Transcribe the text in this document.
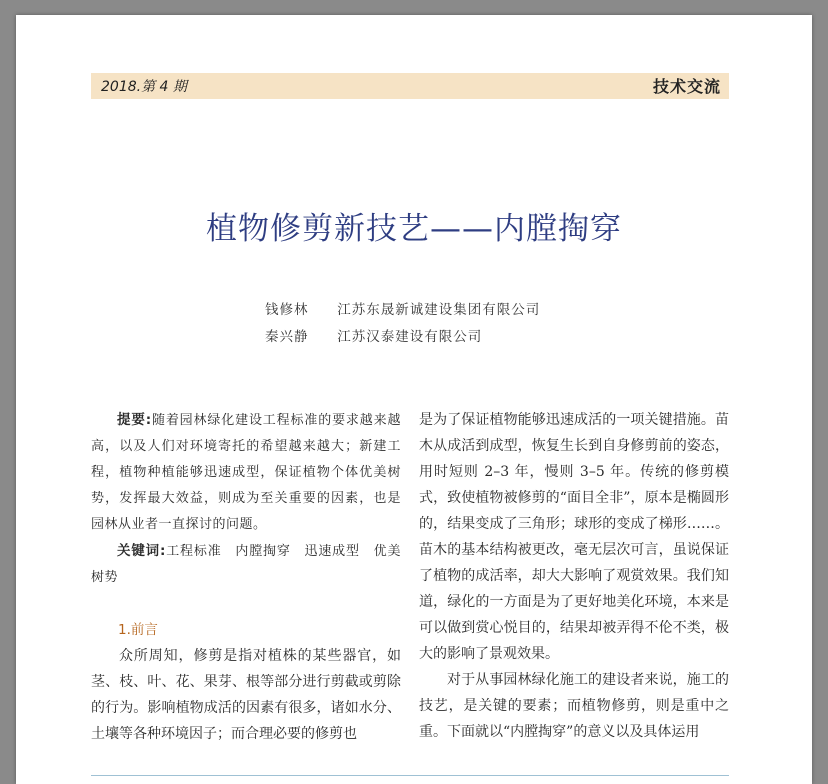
2018.第 4 期	技术交流
植物修剪新技艺——内膛掏穿
钱修林 江苏东晟新诚建设集团有限公司
秦兴静 江苏汉泰建设有限公司

提要:随着园林绿化建设工程标准的要求越来越高，以及人们对环境寄托的希望越来越大；新建工程，植物种植能够迅速成型，保证植物个体优美树势，发挥最大效益，则成为至关重要的因素，也是园林从业者一直探讨的问题。

关键词:工程标准　内膛掏穿　迅速成型　优美树势

1.前言

众所周知，修剪是指对植株的某些器官，如茎、枝、叶、花、果芽、根等部分进行剪截或剪除的行为。影响植物成活的因素有很多，诸如水分、土壤等各种环境因子；而合理必要的修剪也

是为了保证植物能够迅速成活的一项关键措施。苗木从成活到成型，恢复生长到自身修剪前的姿态，用时短则 2–3 年，慢则 3–5 年。传统的修剪模式，致使植物被修剪的“面目全非”，原本是椭圆形的，结果变成了三角形；球形的变成了梯形……。苗木的基本结构被更改，毫无层次可言，虽说保证了植物的成活率，却大大影响了观赏效果。我们知道，绿化的一方面是为了更好地美化环境，本来是可以做到赏心悦目的，结果却被弄得不伦不类，极大的影响了景观效果。

对于从事园林绿化施工的建设者来说，施工的技艺，是关键的要素；而植物修剪，则是重中之重。下面就以“内膛掏穿”的意义以及具体运用
